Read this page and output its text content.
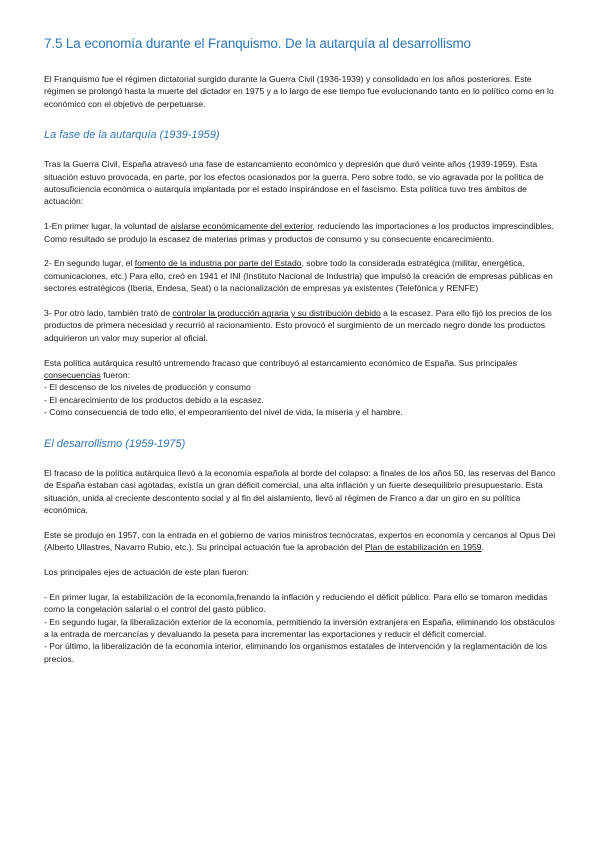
7.5 La economía durante el Franquismo. De la autarquía al desarrollismo

El Franquismo fue el régimen dictatorial surgido durante la Guerra Civil (1936-1939) y consolidado en los años posteriores. Este régimen se prolongó hasta la muerte del dictador en 1975 y a lo largo de ese tiempo fue evolucionando tanto en lo político como en lo económico con el objetivo de perpetuarse.

La fase de la autarquía (1939-1959)

Tras la Guerra Civil, España atravesó una fase de estancamiento económico y depresión que duró veinte años (1939-1959). Esta situación estuvo provocada, en parte, por los efectos ocasionados por la guerra. Pero sobre todo, se vio agravada por la política de autosuficiencia económica o autarquía implantada por el estado inspirándose en el fascismo. Esta política tuvo tres ámbitos de actuación:

1-En primer lugar, la voluntad de aislarse económicamente del exterior, reduciendo las importaciones a los productos imprescindibles. Como resultado se produjo la escasez de materias primas y productos de consumo y su consecuente encarecimiento.

2- En segundo lugar, el fomento de la industria por parte del Estado, sobre todo la considerada estratégica (militar, energética, comunicaciones, etc.) Para ello, creó en 1941 el INI (Instituto Nacional de Industria) que impulsó la creación de empresas públicas en sectores estratégicos (Iberia, Endesa, Seat) o la nacionalización de empresas ya existentes (Telefónica y RENFE)

3- Por otro lado, también trató de controlar la producción agraria y su distribución debido a la escasez. Para ello fijó los precios de los productos de primera necesidad y recurrió al racionamiento. Esto provocó el surgimiento de un mercado negro donde los productos adquirieron un valor muy superior al oficial.

Esta política autárquica resultó untremendo fracaso que contribuyó al estancamiento económico de España. Sus principales consecuencias fueron:

- El descenso de los niveles de producción y consumo
- El encarecimiento de los productos debido a la escasez.
- Como consecuencia de todo ello, el empeoramiento del nivel de vida, la miseria y el hambre.

El desarrollismo (1959-1975)

El fracaso de la política autárquica llevó a la economía española al borde del colapso: a finales de los años 50, las reservas del Banco de España estaban casi agotadas, existía un gran déficit comercial, una alta inflación y un fuerte desequilibrio presupuestario. Esta situación, unida al creciente descontento social y al fin del aislamiento, llevó al régimen de Franco a dar un giro en su política económica.

Este se produjo en 1957, con la entrada en el gobierno de varios ministros tecnócratas, expertos en economía y cercanos al Opus Dei (Alberto Ullastres, Navarro Rubio, etc.). Su principal actuación fue la aprobación del Plan de estabilización en 1959.

Los principales ejes de actuación de este plan fueron:

- En primer lugar, la estabilización de la economía,frenando la inflación y reduciendo el déficit público. Para ello se tomaron medidas como la congelación salarial o el control del gasto público.
- En segundo lugar, la liberalización exterior de la economía, permitiendo la inversión extranjera en España, eliminando los obstáculos a la entrada de mercancías y devaluando la peseta para incrementar las exportaciones y reducir el déficit comercial.
- Por último, la liberalización de la economía interior, eliminando los organismos estatales de intervención y la reglamentación de los precios.
